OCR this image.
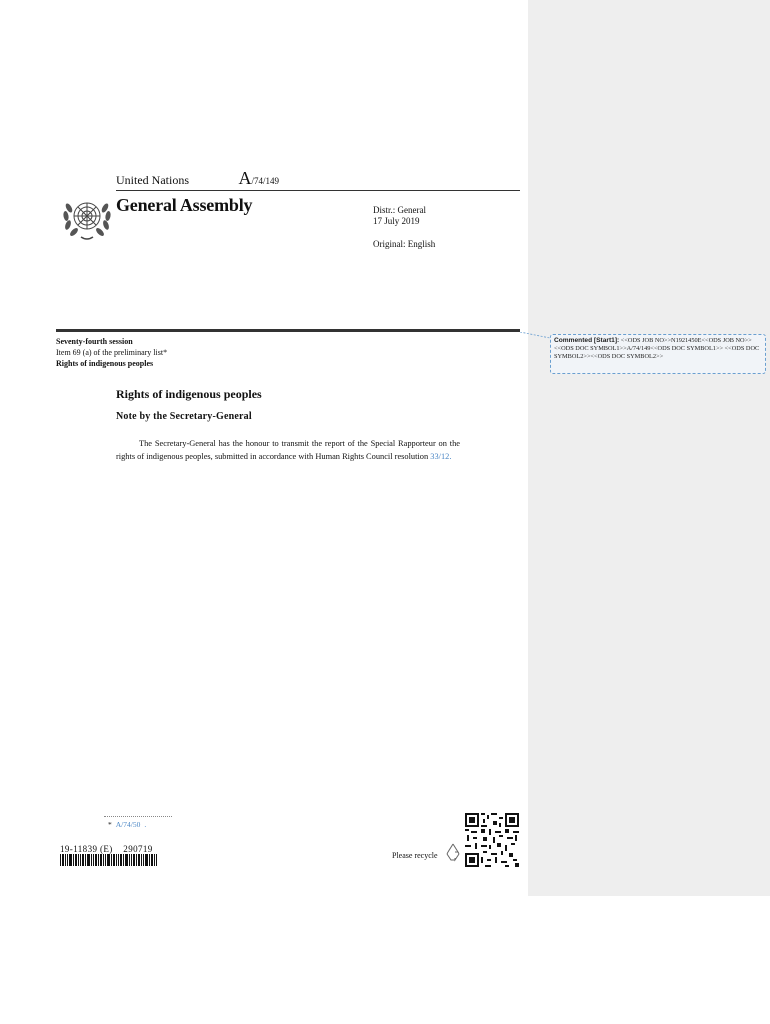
United Nations	A/74/149
General Assembly	Distr.: General
17 July 2019
Original: English
Seventy-fourth session
Item 69 (a) of the preliminary list*
Rights of indigenous peoples
Rights of indigenous peoples
Note by the Secretary-General
The Secretary-General has the honour to transmit the report of the Special Rapporteur on the rights of indigenous peoples, submitted in accordance with Human Rights Council resolution 33/12.
* A/74/50 .
19-11839 (E)    290719
Please recycle
Commented [Start1]: <<ODS JOB NO>>N1921450E<<ODS JOB NO>> <<ODS DOC SYMBOL1>>A/74/149<<ODS DOC SYMBOL1>> <<ODS DOC SYMBOL2>><<ODS DOC SYMBOL2>>
